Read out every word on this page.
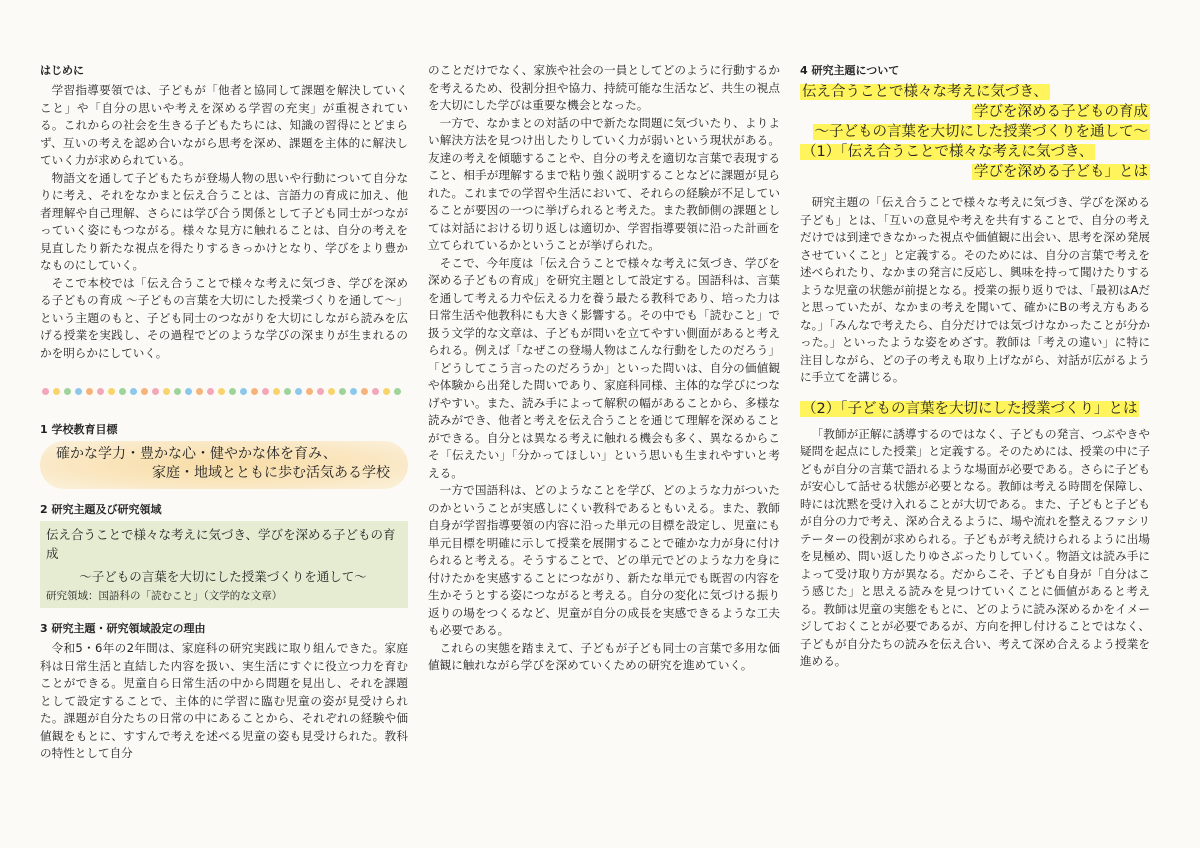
はじめに

学習指導要領では、子どもが「他者と協同して課題を解決していくこと」や「自分の思いや考えを深める学習の充実」が重視されている。これからの社会を生きる子どもたちには、知識の習得にとどまらず、互いの考えを認め合いながら思考を深め、課題を主体的に解決していく力が求められている。

物語文を通して子どもたちが登場人物の思いや行動について自分なりに考え、それをなかまと伝え合うことは、言語力の育成に加え、他者理解や自己理解、さらには学び合う関係として子ども同士がつながっていく姿にもつながる。様々な見方に触れることは、自分の考えを見直したり新たな視点を得たりするきっかけとなり、学びをより豊かなものにしていく。

そこで本校では「伝え合うことで様々な考えに気づき、学びを深める子どもの育成 ～子どもの言葉を大切にした授業づくりを通して～」という主題のもと、子ども同士のつながりを大切にしながら読みを広げる授業を実践し、その過程でどのような学びの深まりが生まれるのかを明らかにしていく。

1 学校教育目標
確かな学力・豊かな心・健やかな体を育み、
家庭・地域とともに歩む活気ある学校
2 研究主題及び研究領域
伝え合うことで様々な考えに気づき、学びを深める子どもの育成
～子どもの言葉を大切にした授業づくりを通して～
研究領域：国語科の「読むこと」（文学的な文章）
3 研究主題・研究領域設定の理由

令和5・6年の2年間は、家庭科の研究実践に取り組んできた。家庭科は日常生活と直結した内容を扱い、実生活にすぐに役立つ力を育むことができる。児童自ら日常生活の中から問題を見出し、それを課題として設定することで、主体的に学習に臨む児童の姿が見受けられた。課題が自分たちの日常の中にあることから、それぞれの経験や価値観をもとに、すすんで考えを述べる児童の姿も見受けられた。教科の特性として自分

のことだけでなく、家族や社会の一員としてどのように行動するかを考えるため、役割分担や協力、持続可能な生活など、共生の視点を大切にした学びは重要な機会となった。

一方で、なかまとの対話の中で新たな問題に気づいたり、よりよい解決方法を見つけ出したりしていく力が弱いという現状がある。友達の考えを傾聴することや、自分の考えを適切な言葉で表現すること、相手が理解するまで粘り強く説明することなどに課題が見られた。これまでの学習や生活において、それらの経験が不足していることが要因の一つに挙げられると考えた。また教師側の課題としては対話における切り返しは適切か、学習指導要領に沿った計画を立てられているかということが挙げられた。

そこで、今年度は「伝え合うことで様々な考えに気づき、学びを深める子どもの育成」を研究主題として設定する。国語科は、言葉を通して考える力や伝える力を養う最たる教科であり、培った力は日常生活や他教科にも大きく影響する。その中でも「読むこと」で扱う文学的な文章は、子どもが問いを立てやすい側面があると考えられる。例えば「なぜこの登場人物はこんな行動をしたのだろう」「どうしてこう言ったのだろうか」といった問いは、自分の価値観や体験から出発した問いであり、家庭科同様、主体的な学びにつなげやすい。また、読み手によって解釈の幅があることから、多様な読みができ、他者と考えを伝え合うことを通じて理解を深めることができる。自分とは異なる考えに触れる機会も多く、異なるからこそ「伝えたい」「分かってほしい」という思いも生まれやすいと考える。

一方で国語科は、どのようなことを学び、どのような力がついたのかということが実感しにくい教科であるともいえる。また、教師自身が学習指導要領の内容に沿った単元の目標を設定し、児童にも単元目標を明確に示して授業を展開することで確かな力が身に付けられると考える。そうすることで、どの単元でどのような力を身に付けたかを実感することにつながり、新たな単元でも既習の内容を生かそうとする姿につながると考える。自分の変化に気づける振り返りの場をつくるなど、児童が自分の成長を実感できるような工夫も必要である。

これらの実態を踏まえて、子どもが子ども同士の言葉で多用な価値観に触れながら学びを深めていくための研究を進めていく。

4 研究主題について
伝え合うことで様々な考えに気づき、
学びを深める子どもの育成
～子どもの言葉を大切にした授業づくりを通して～
（1）「伝え合うことで様々な考えに気づき、
学びを深める子ども」とは

研究主題の「伝え合うことで様々な考えに気づき、学びを深める子ども」とは、「互いの意見や考えを共有することで、自分の考えだけでは到達できなかった視点や価値観に出会い、思考を深め発展させていくこと」と定義する。そのためには、自分の言葉で考えを述べられたり、なかまの発言に反応し、興味を持って聞けたりするような児童の状態が前提となる。授業の振り返りでは、「最初はAだと思っていたが、なかまの考えを聞いて、確かにBの考え方もあるな。」「みんなで考えたら、自分だけでは気づけなかったことが分かった。」といったような姿をめざす。教師は「考えの違い」に特に注目しながら、どの子の考えも取り上げながら、対話が広がるように手立てを講じる。

（2）「子どもの言葉を大切にした授業づくり」とは

「教師が正解に誘導するのではなく、子どもの発言、つぶやきや疑問を起点にした授業」と定義する。そのためには、授業の中に子どもが自分の言葉で語れるような場面が必要である。さらに子どもが安心して話せる状態が必要となる。教師は考える時間を保障し、時には沈黙を受け入れることが大切である。また、子どもと子どもが自分の力で考え、深め合えるように、場や流れを整えるファシリテーターの役割が求められる。子どもが考え続けられるように出場を見極め、問い返したりゆさぶったりしていく。物語文は読み手によって受け取り方が異なる。だからこそ、子ども自身が「自分はこう感じた」と思える読みを見つけていくことに価値があると考える。教師は児童の実態をもとに、どのように読み深めるかをイメージしておくことが必要であるが、方向を押し付けることではなく、子どもが自分たちの読みを伝え合い、考えて深め合えるよう授業を進める。
